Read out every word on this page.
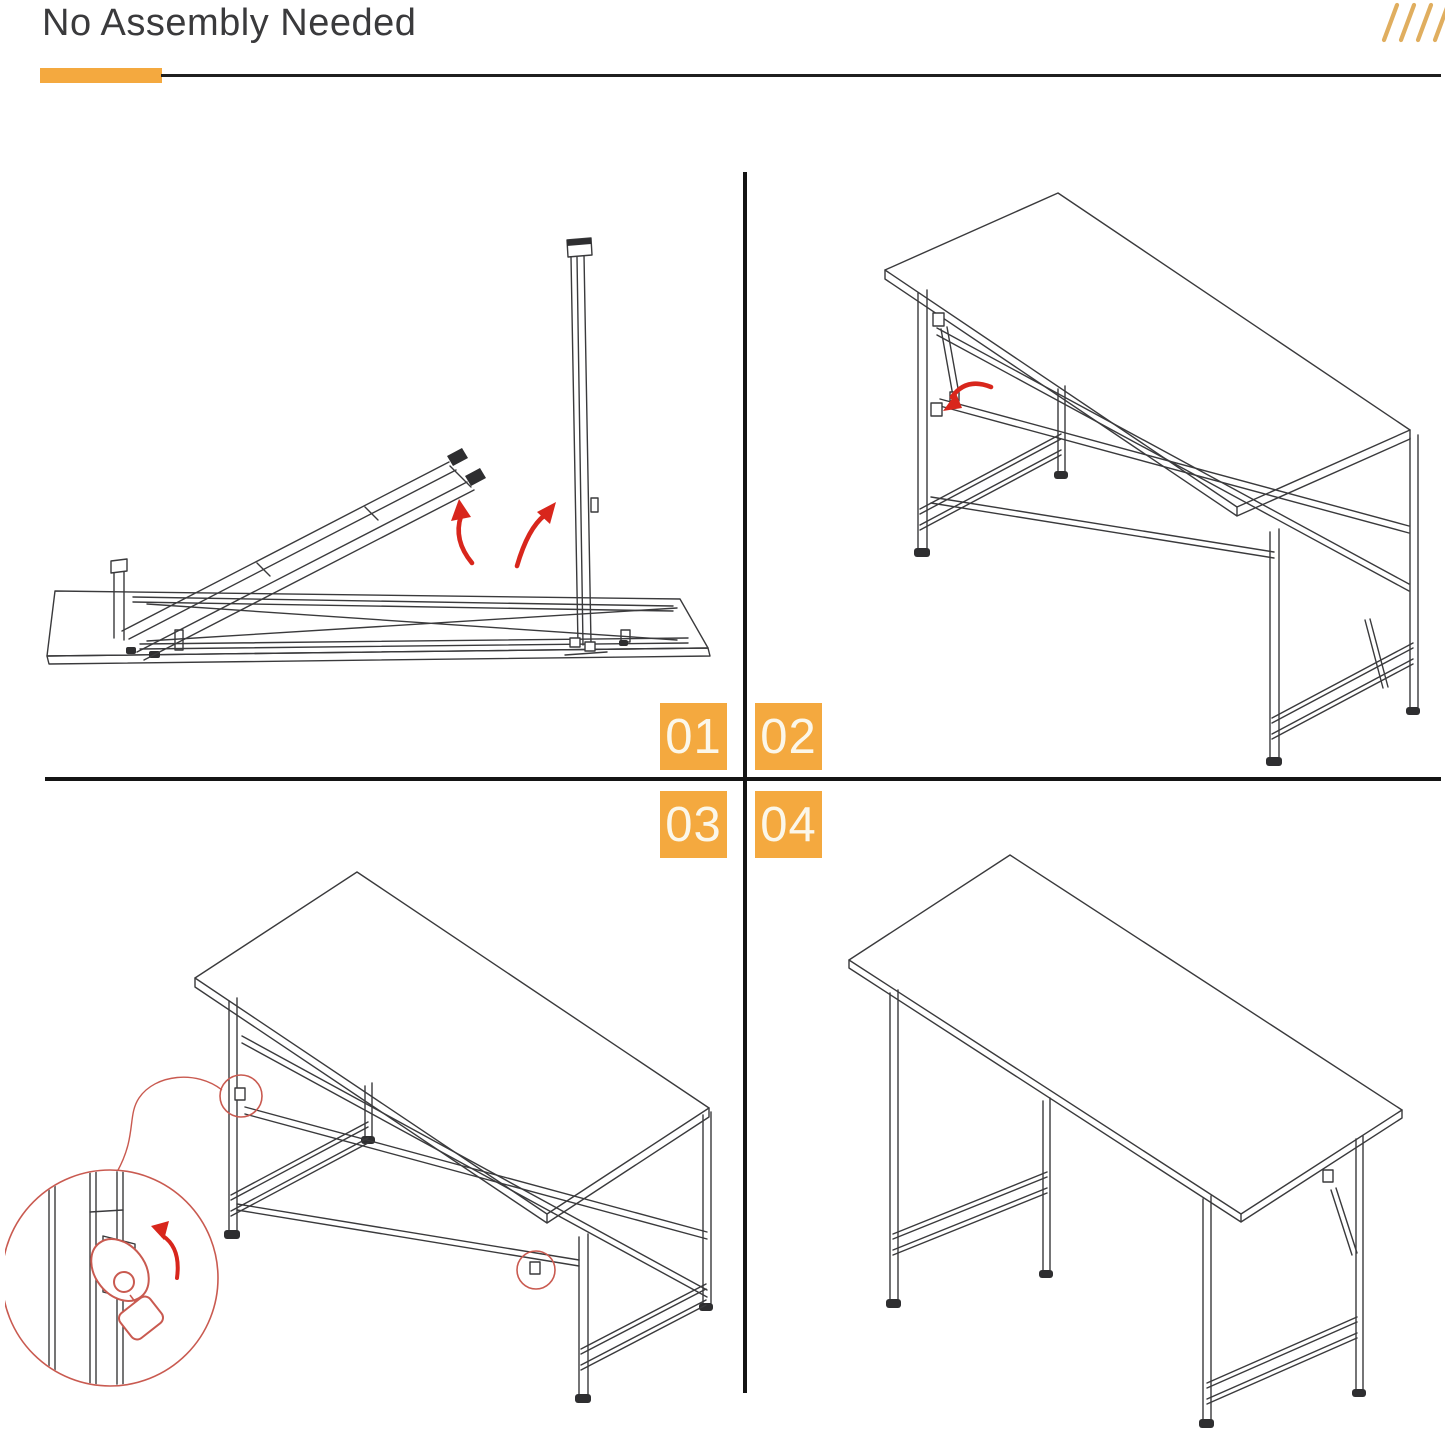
No Assembly Needed
01 02
03 04
